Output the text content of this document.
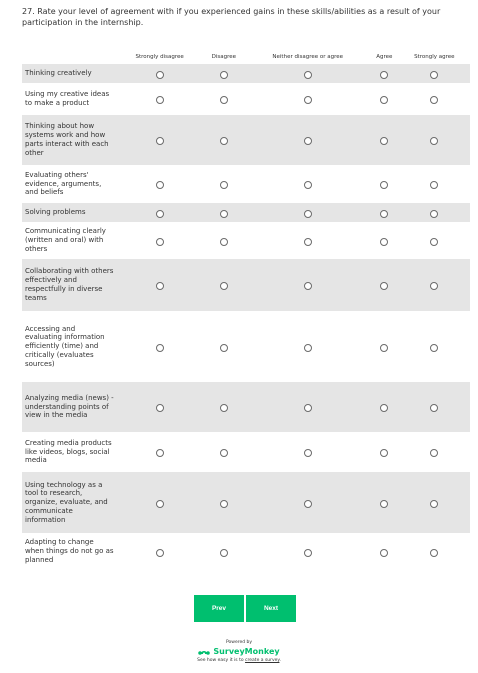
27. Rate your level of agreement with if you experienced gains in these skills/abilities as a result of your participation in the internship.
	Strongly disagree	Disagree	Neither disagree or agree	Agree	Strongly agree
Thinking creatively					
Using my creative ideas to make a product					
Thinking about how systems work and how parts interact with each other					
Evaluating others' evidence, arguments, and beliefs					
Solving problems					
Communicating clearly (written and oral) with others					
Collaborating with others effectively and respectfully in diverse teams					
Accessing and evaluating information efficiently (time) and critically (evaluates sources)					
Analyzing media (news) - understanding points of view in the media					
Creating media products like videos, blogs, social media					
Using technology as a tool to research, organize, evaluate, and communicate information					
Adapting to change when things do not go as planned					
Prev	Next
Powered by
SurveyMonkey
See how easy it is to create a survey.
